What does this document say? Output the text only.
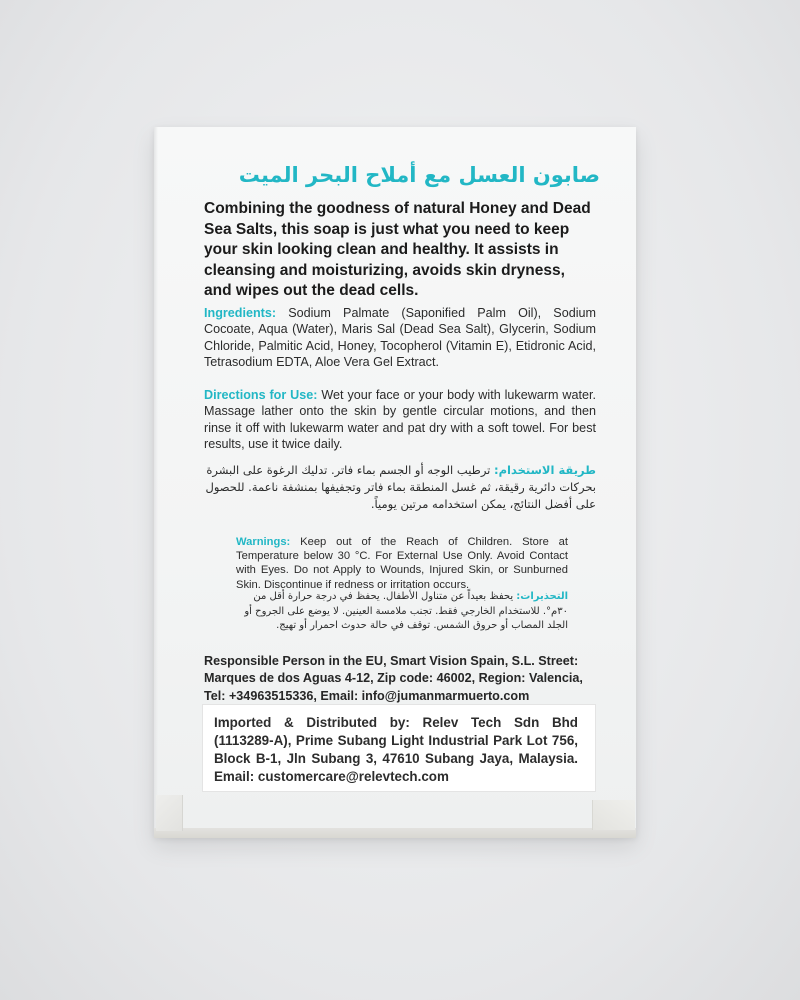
صابون العسل مع أملاح البحر الميت
Combining the goodness of natural Honey and Dead Sea Salts, this soap is just what you need to keep your skin looking clean and healthy. It assists in cleansing and moisturizing, avoids skin dryness, and wipes out the dead cells.
Ingredients: Sodium Palmate (Saponified Palm Oil), Sodium Cocoate, Aqua (Water), Maris Sal (Dead Sea Salt), Glycerin, Sodium Chloride, Palmitic Acid, Honey, Tocopherol (Vitamin E), Etidronic Acid, Tetrasodium EDTA, Aloe Vera Gel Extract.
Directions for Use: Wet your face or your body with lukewarm water. Massage lather onto the skin by gentle circular motions, and then rinse it off with lukewarm water and pat dry with a soft towel. For best results, use it twice daily.
طريقة الاستخدام: ترطيب الوجه أو الجسم بماء فاتر. تدليك الرغوة على البشرة بحركات دائرية رقيقة، ثم غسل المنطقة بماء فاتر وتجفيفها بمنشفة ناعمة. للحصول على أفضل النتائج، يمكن استخدامه مرتين يومياً.
Warnings: Keep out of the Reach of Children. Store at Temperature below 30 °C. For External Use Only. Avoid Contact with Eyes. Do not Apply to Wounds, Injured Skin, or Sunburned Skin. Discontinue if redness or irritation occurs.
التحذيرات: يحفظ بعيداً عن متناول الأطفال. يحفظ في درجة حرارة أقل من ٣٠م°. للاستخدام الخارجي فقط. تجنب ملامسة العينين. لا يوضع على الجروح أو الجلد المصاب أو حروق الشمس. توقف في حالة حدوث احمرار أو تهيج.
Responsible Person in the EU, Smart Vision Spain, S.L. Street: Marques de dos Aguas 4-12, Zip code: 46002, Region: Valencia, Tel: +34963515336, Email: info@jumanmarmuerto.com
Imported & Distributed by: Relev Tech Sdn Bhd (1113289-A), Prime Subang Light Industrial Park Lot 756, Block B-1, Jln Subang 3, 47610 Subang Jaya, Malaysia. Email: customercare@relevtech.com
